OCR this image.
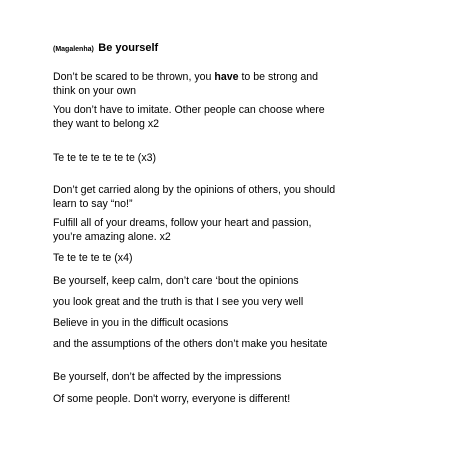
(Magalenha) Be yourself
Don’t be scared to be thrown, you have to be strong and
think on your own
You don’t have to imitate. Other people can choose where
they want to belong x2
Te te te te te te te (x3)
Don’t get carried along by the opinions of others, you should
learn to say “no!”
Fulfill all of your dreams, follow your heart and passion,
you’re amazing alone. x2
Te te te te te (x4)
Be yourself, keep calm, don’t care ‘bout the opinions
you look great and the truth is that I see you very well
Believe in you in the difficult ocasions
and the assumptions of the others don’t make you hesitate
Be yourself, don’t be affected by the impressions
Of some people. Don't worry, everyone is different!
